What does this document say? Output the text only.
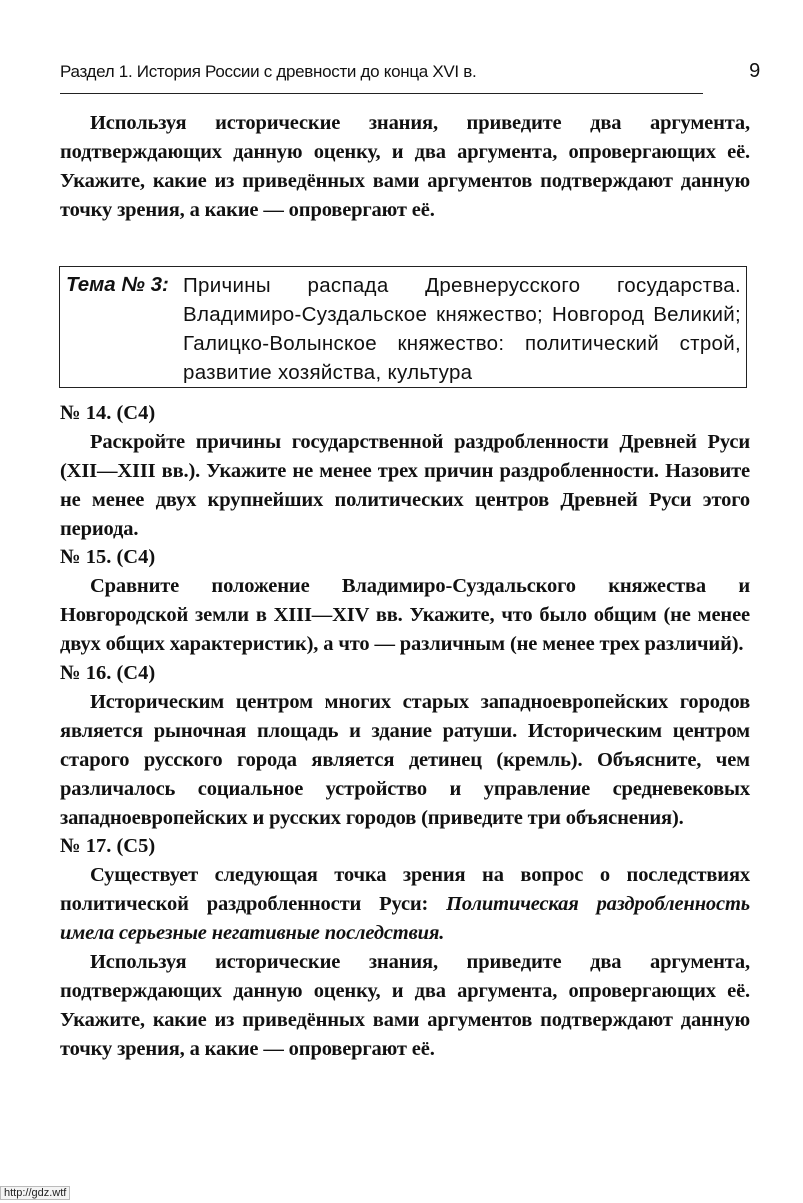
Раздел 1. История России с древности до конца XVI в.	9

Используя исторические знания, приведите два аргумента, подтверждающих данную оценку, и два аргумента, опровергающих её. Укажите, какие из приведённых вами аргументов подтверждают данную точку зрения, а какие — опровергают её.

Тема № 3: Причины распада Древнерусского государства. Владимиро-Суздальское княжество; Новгород Великий; Галицко-Волынское княжество: политический строй, развитие хозяйства, культура

№ 14. (С4)

Раскройте причины государственной раздробленности Древней Руси (XII—XIII вв.). Укажите не менее трех причин раздробленности. Назовите не менее двух крупнейших политических центров Древней Руси этого периода.

№ 15. (С4)

Сравните положение Владимиро-Суздальского княжества и Новгородской земли в XIII—XIV вв. Укажите, что было общим (не менее двух общих характеристик), а что — различным (не менее трех различий).

№ 16. (С4)

Историческим центром многих старых западноевропейских городов является рыночная площадь и здание ратуши. Историческим центром старого русского города является детинец (кремль). Объясните, чем различалось социальное устройство и управление средневековых западноевропейских и русских городов (приведите три объяснения).

№ 17. (С5)

Существует следующая точка зрения на вопрос о последствиях политической раздробленности Руси: Политическая раздробленность имела серьезные негативные последствия.

Используя исторические знания, приведите два аргумента, подтверждающих данную оценку, и два аргумента, опровергающих её. Укажите, какие из приведённых вами аргументов подтверждают данную точку зрения, а какие — опровергают её.

http://gdz.wtf
